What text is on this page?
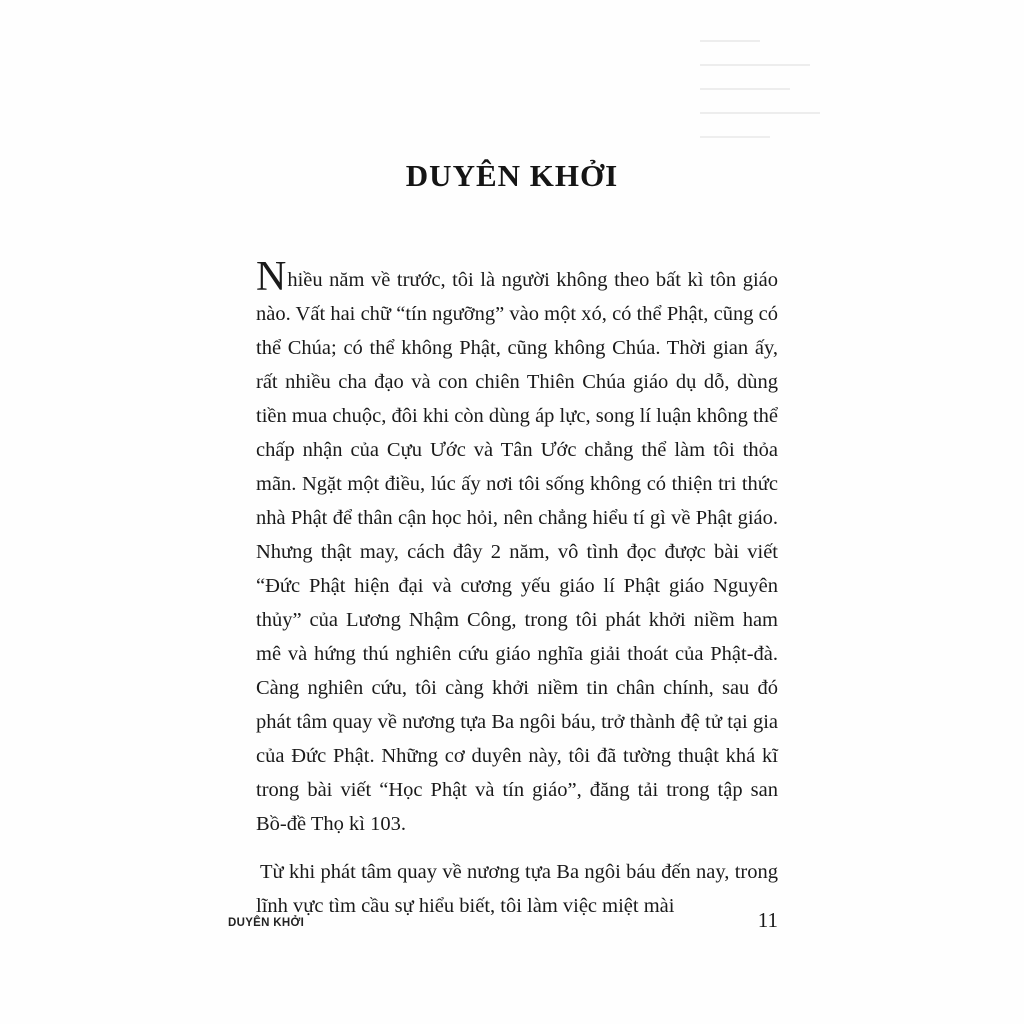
DUYÊN KHỞI

Nhiều năm về trước, tôi là người không theo bất kì tôn giáo nào. Vất hai chữ “tín ngưỡng” vào một xó, có thể Phật, cũng có thể Chúa; có thể không Phật, cũng không Chúa. Thời gian ấy, rất nhiều cha đạo và con chiên Thiên Chúa giáo dụ dỗ, dùng tiền mua chuộc, đôi khi còn dùng áp lực, song lí luận không thể chấp nhận của Cựu Ước và Tân Ước chẳng thể làm tôi thỏa mãn. Ngặt một điều, lúc ấy nơi tôi sống không có thiện tri thức nhà Phật để thân cận học hỏi, nên chẳng hiểu tí gì về Phật giáo. Nhưng thật may, cách đây 2 năm, vô tình đọc được bài viết “Đức Phật hiện đại và cương yếu giáo lí Phật giáo Nguyên thủy” của Lương Nhậm Công, trong tôi phát khởi niềm ham mê và hứng thú nghiên cứu giáo nghĩa giải thoát của Phật-đà. Càng nghiên cứu, tôi càng khởi niềm tin chân chính, sau đó phát tâm quay về nương tựa Ba ngôi báu, trở thành đệ tử tại gia của Đức Phật. Những cơ duyên này, tôi đã tường thuật khá kĩ trong bài viết “Học Phật và tín giáo”, đăng tải trong tập san Bồ-đề Thọ kì 103.

Từ khi phát tâm quay về nương tựa Ba ngôi báu đến nay, trong lĩnh vực tìm cầu sự hiểu biết, tôi làm việc miệt mài

DUYÊN KHỞI	11
